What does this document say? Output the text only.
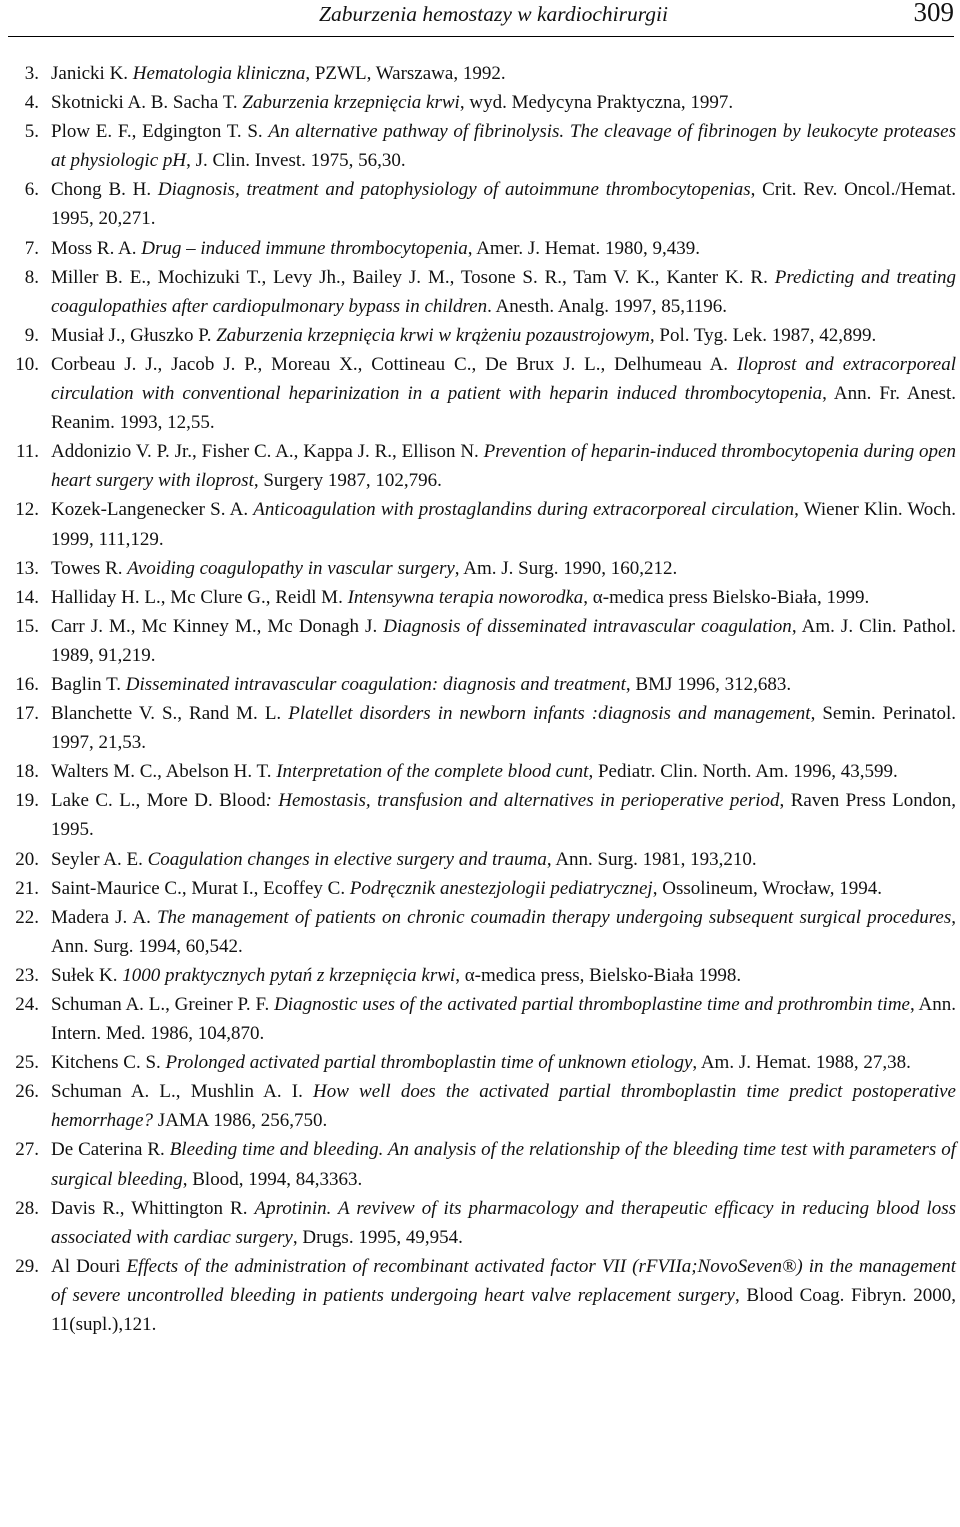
Zaburzenia hemostazy w kardiochirurgii	309
3. Janicki K. Hematologia kliniczna, PZWL, Warszawa, 1992.
4. Skotnicki A. B. Sacha T. Zaburzenia krzepnięcia krwi, wyd. Medycyna Praktyczna, 1997.
5. Plow E. F., Edgington T. S. An alternative pathway of fibrinolysis. The cleavage of fibrinogen by leukocyte proteases at physiologic pH, J. Clin. Invest. 1975, 56,30.
6. Chong B. H. Diagnosis, treatment and patophysiology of autoimmune thrombocytopenias, Crit. Rev. Oncol./Hemat. 1995, 20,271.
7. Moss R. A. Drug – induced immune thrombocytopenia, Amer. J. Hemat. 1980, 9,439.
8. Miller B. E., Mochizuki T., Levy Jh., Bailey J. M., Tosone S. R., Tam V. K., Kanter K. R. Predicting and treating coagulopathies after cardiopulmonary bypass in children. Anesth. Analg. 1997, 85,1196.
9. Musiał J., Głuszko P. Zaburzenia krzepnięcia krwi w krążeniu pozaustrojowym, Pol. Tyg. Lek. 1987, 42,899.
10. Corbeau J. J., Jacob J. P., Moreau X., Cottineau C., De Brux J. L., Delhumeau A. Iloprost and extracorporeal circulation with conventional heparinization in a patient with heparin induced thrombocytopenia, Ann. Fr. Anest. Reanim. 1993, 12,55.
11. Addonizio V. P. Jr., Fisher C. A., Kappa J. R., Ellison N. Prevention of heparin-induced thrombocytopenia during open heart surgery with iloprost, Surgery 1987, 102,796.
12. Kozek-Langenecker S. A. Anticoagulation with prostaglandins during extracorporeal circulation, Wiener Klin. Woch. 1999, 111,129.
13. Towes R. Avoiding coagulopathy in vascular surgery, Am. J. Surg. 1990, 160,212.
14. Halliday H. L., Mc Clure G., Reidl M. Intensywna terapia noworodka, α-medica press Bielsko-Biała, 1999.
15. Carr J. M., Mc Kinney M., Mc Donagh J. Diagnosis of disseminated intravascular coagulation, Am. J. Clin. Pathol. 1989, 91,219.
16. Baglin T. Disseminated intravascular coagulation: diagnosis and treatment, BMJ 1996, 312,683.
17. Blanchette V. S., Rand M. L. Platellet disorders in newborn infants :diagnosis and management, Semin. Perinatol. 1997, 21,53.
18. Walters M. C., Abelson H. T. Interpretation of the complete blood cunt, Pediatr. Clin. North. Am. 1996, 43,599.
19. Lake C. L., More D. Blood: Hemostasis, transfusion and alternatives in perioperative period, Raven Press London, 1995.
20. Seyler A. E. Coagulation changes in elective surgery and trauma, Ann. Surg. 1981, 193,210.
21. Saint-Maurice C., Murat I., Ecoffey C. Podręcznik anestezjologii pediatrycznej, Ossolineum, Wrocław, 1994.
22. Madera J. A. The management of patients on chronic coumadin therapy undergoing subsequent surgical procedures, Ann. Surg. 1994, 60,542.
23. Sułek K. 1000 praktycznych pytań z krzepnięcia krwi, α-medica press, Bielsko-Biała 1998.
24. Schuman A. L., Greiner P. F. Diagnostic uses of the activated partial thromboplastine time and prothrombin time, Ann. Intern. Med. 1986, 104,870.
25. Kitchens C. S. Prolonged activated partial thromboplastin time of unknown etiology, Am. J. Hemat. 1988, 27,38.
26. Schuman A. L., Mushlin A. I. How well does the activated partial thromboplastin time predict postoperative hemorrhage? JAMA 1986, 256,750.
27. De Caterina R. Bleeding time and bleeding. An analysis of the relationship of the bleeding time test with parameters of surgical bleeding, Blood, 1994, 84,3363.
28. Davis R., Whittington R. Aprotinin. A revivew of its pharmacology and therapeutic efficacy in reducing blood loss associated with cardiac surgery, Drugs. 1995, 49,954.
29. Al Douri Effects of the administration of recombinant activated factor VII (rFVIIa;NovoSeven®) in the management of severe uncontrolled bleeding in patients undergoing heart valve replacement surgery, Blood Coag. Fibryn. 2000, 11(supl.),121.
